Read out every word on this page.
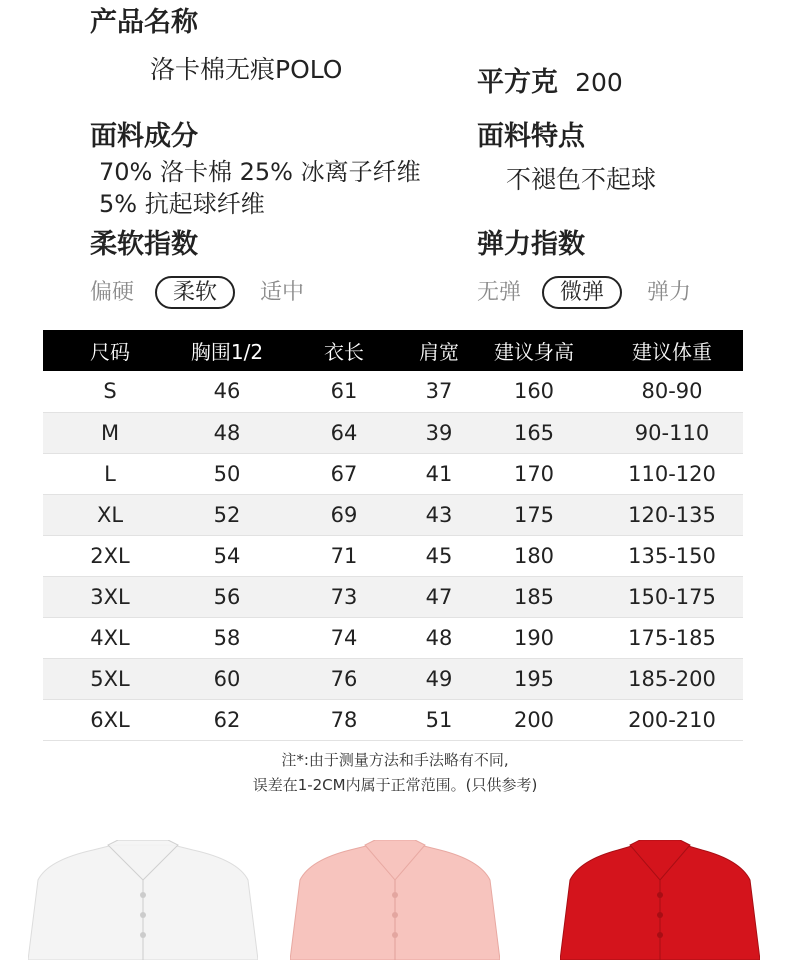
产品名称
洛卡棉无痕POLO	平方克 200
面料成分
70% 洛卡棉 25% 冰离子纤维
5% 抗起球纤维
面料特点
不褪色不起球
柔软指数	弹力指数
偏硬 柔软 适中	无弹 微弹 弹力
尺码	胸围1/2	衣长	肩宽	建议身高	建议体重
S	46	61	37	160	80-90
M	48	64	39	165	90-110
L	50	67	41	170	110-120
XL	52	69	43	175	120-135
2XL	54	71	45	180	135-150
3XL	56	73	47	185	150-175
4XL	58	74	48	190	175-185
5XL	60	76	49	195	185-200
6XL	62	78	51	200	200-210
注*:由于测量方法和手法略有不同,
误差在1-2CM内属于正常范围。(只供参考)
